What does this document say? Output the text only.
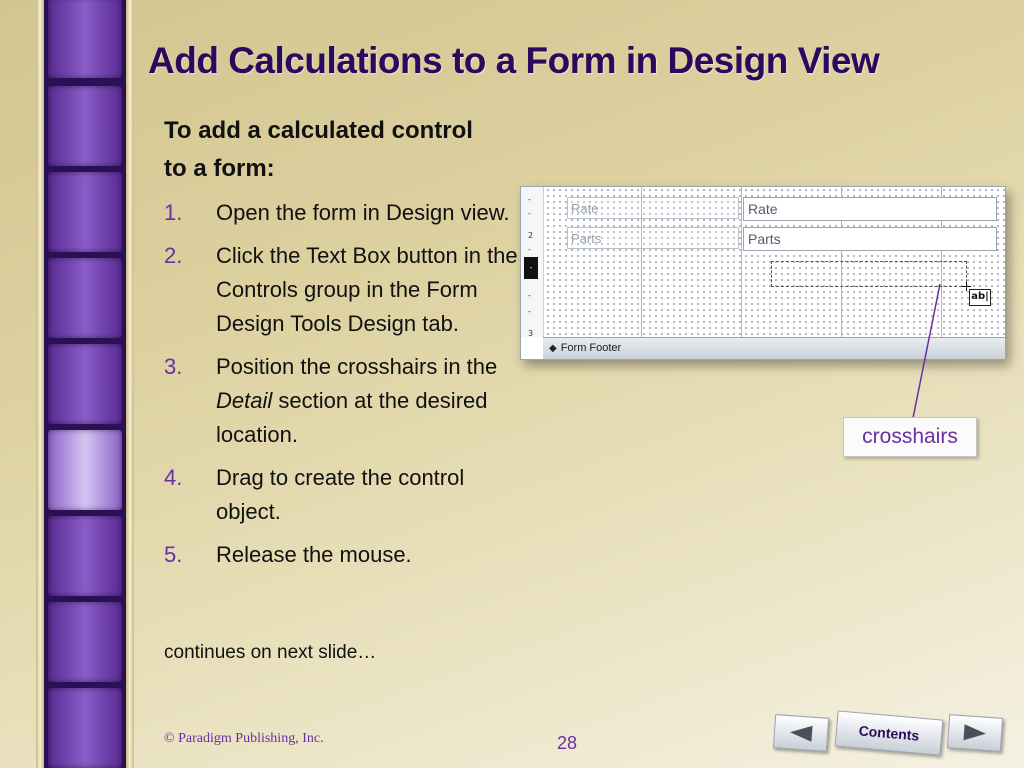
Add Calculations to a Form in Design View

To add a calculated control to a form:

1. Open the form in Design view.
2. Click the Text Box button in the Controls group in the Form Design Tools Design tab.
3. Position the crosshairs in the Detail section at the desired location.
4. Drag to create the control object.
5. Release the mouse.
continues on next slide…
-
-
2
-
-
-
-
3
Rate	Rate
Parts	Parts
ab|
◆ Form Footer
crosshairs
© Paradigm Publishing, Inc.	28	Contents
